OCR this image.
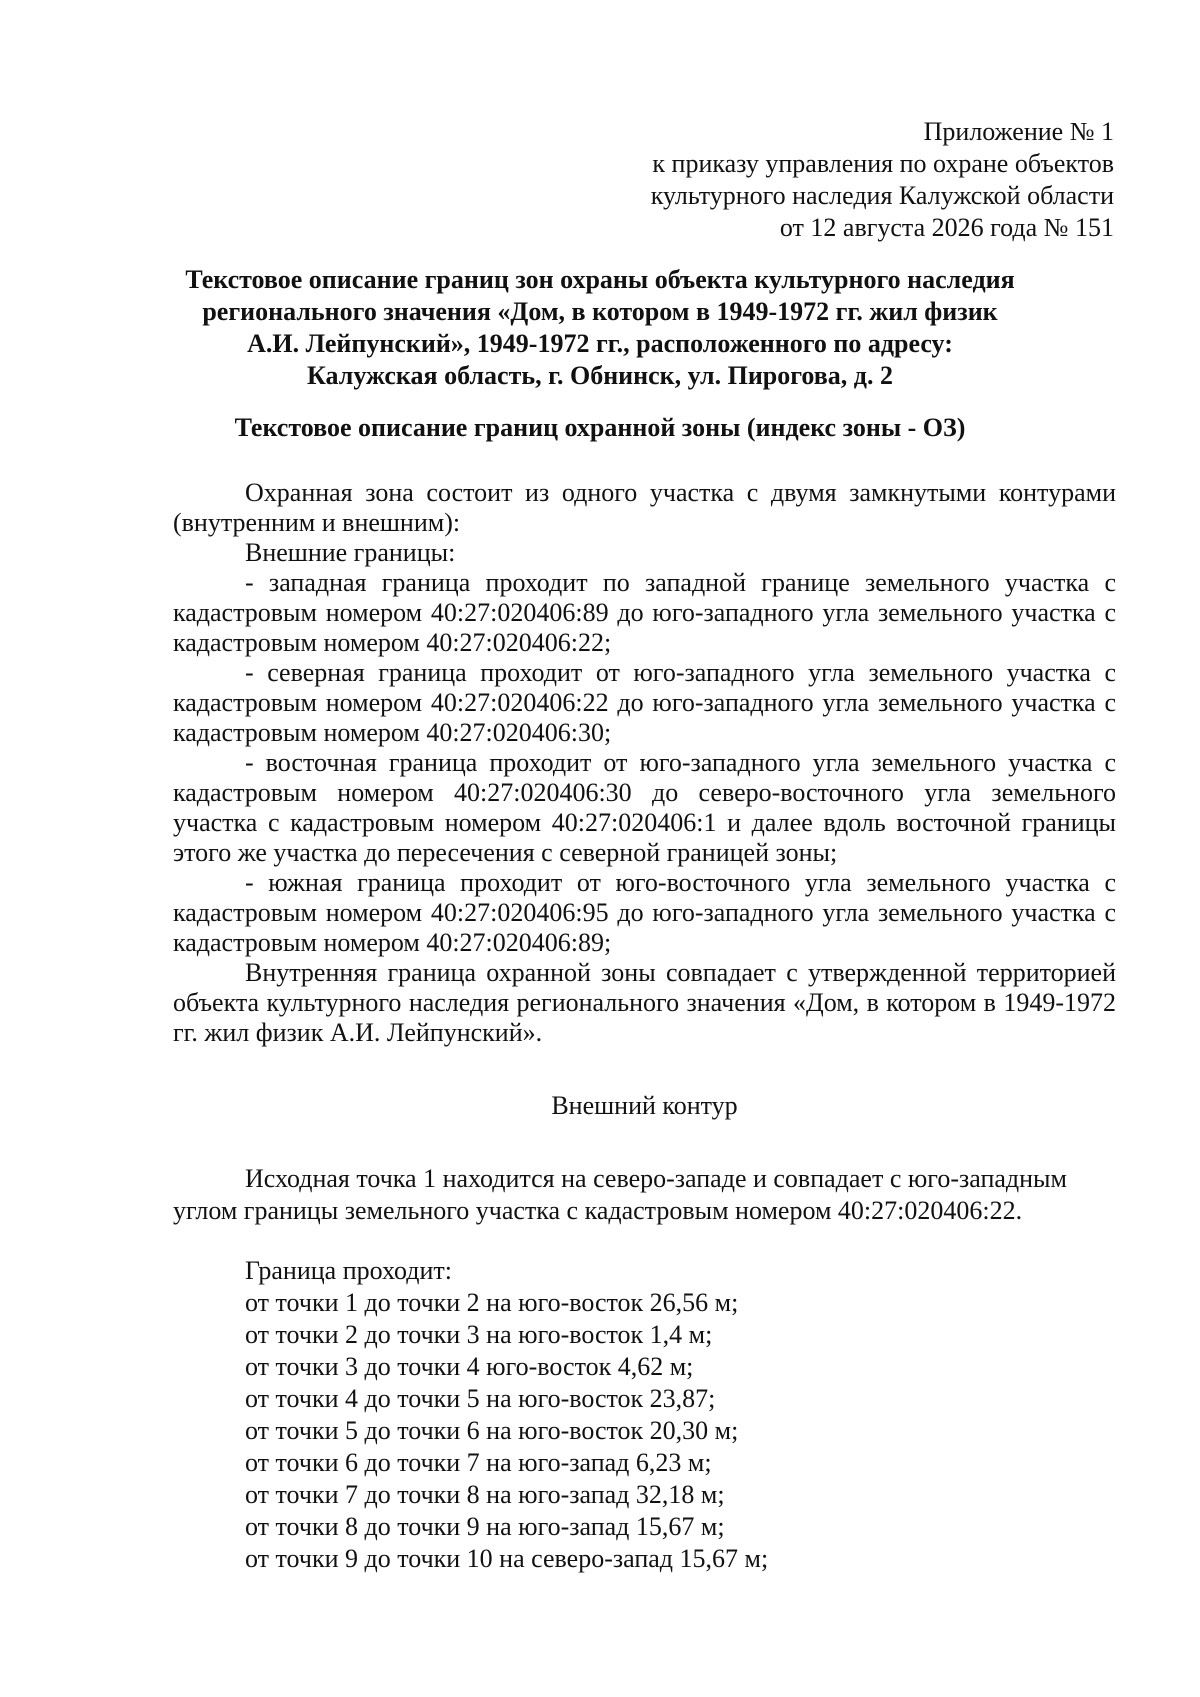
Приложение № 1
к приказу управления по охране объектов
культурного наследия Калужской области
от 12 августа 2026 года № 151
Текстовое описание границ зон охраны объекта культурного наследия
регионального значения «Дом, в котором в 1949-1972 гг. жил физик
А.И. Лейпунский», 1949-1972 гг., расположенного по адресу:
Калужская область, г. Обнинск, ул. Пирогова, д. 2
Текстовое описание границ охранной зоны (индекс зоны - ОЗ)

Охранная зона состоит из одного участка с двумя замкнутыми контурами (внутренним и внешним):

Внешние границы:

- западная граница проходит по западной границе земельного участка с кадастровым номером 40:27:020406:89 до юго-западного угла земельного участка с кадастровым номером 40:27:020406:22;

- северная граница проходит от юго-западного угла земельного участка с кадастровым номером 40:27:020406:22 до юго-западного угла земельного участка с кадастровым номером 40:27:020406:30;

- восточная граница проходит от юго-западного угла земельного участка с кадастровым номером 40:27:020406:30 до северо-восточного угла земельного участка с кадастровым номером 40:27:020406:1 и далее вдоль восточной границы этого же участка до пересечения с северной границей зоны;

- южная граница проходит от юго-восточного угла земельного участка с кадастровым номером 40:27:020406:95 до юго-западного угла земельного участка с кадастровым номером 40:27:020406:89;

Внутренняя граница охранной зоны совпадает с утвержденной территорией объекта культурного наследия регионального значения «Дом, в котором в 1949-1972 гг. жил физик А.И. Лейпунский».

Внешний контур
Исходная точка 1 находится на северо-западе и совпадает с юго-западным
углом границы земельного участка с кадастровым номером 40:27:020406:22.
Граница проходит:
от точки 1 до точки 2 на юго-восток 26,56 м;
от точки 2 до точки 3 на юго-восток 1,4 м;
от точки 3 до точки 4 юго-восток 4,62 м;
от точки 4 до точки 5 на юго-восток 23,87;
от точки 5 до точки 6 на юго-восток 20,30 м;
от точки 6 до точки 7 на юго-запад 6,23 м;
от точки 7 до точки 8 на юго-запад 32,18 м;
от точки 8 до точки 9 на юго-запад 15,67 м;
от точки 9 до точки 10 на северо-запад 15,67 м;
